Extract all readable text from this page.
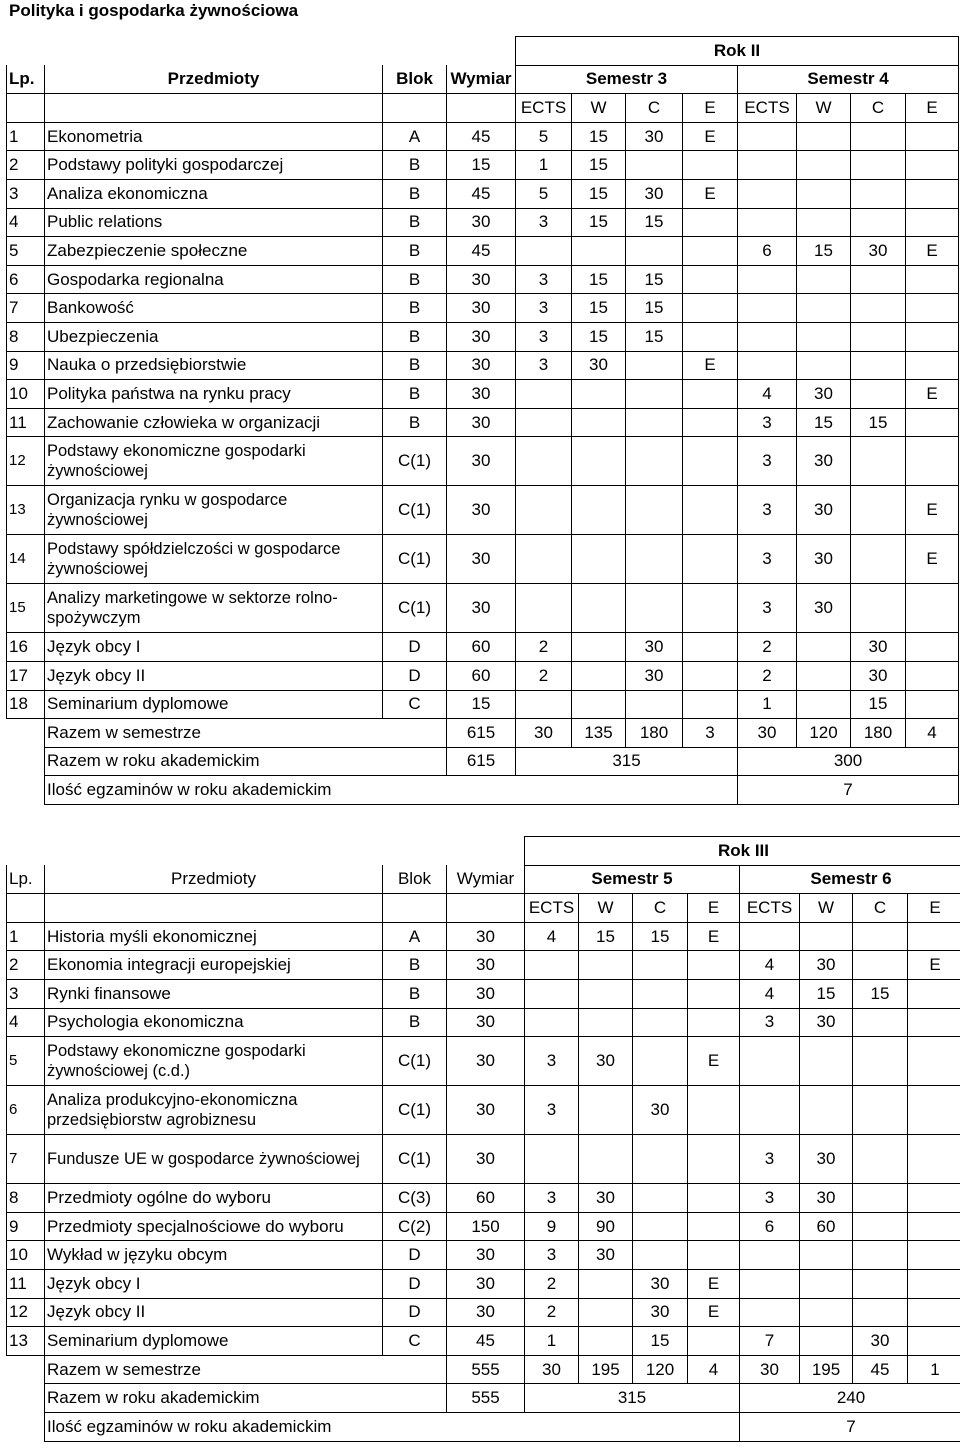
Polityka i gospodarka żywnościowa
				Rok II							
Lp.	Przedmioty	Blok	Wymiar	Semestr 3				Semestr 4			
				ECTS	W	C	E	ECTS	W	C	E
1	Ekonometria	A	45	5	15	30	E				
2	Podstawy polityki gospodarczej	B	15	1	15						
3	Analiza ekonomiczna	B	45	5	15	30	E				
4	Public relations	B	30	3	15	15					
5	Zabezpieczenie społeczne	B	45					6	15	30	E
6	Gospodarka regionalna	B	30	3	15	15					
7	Bankowość	B	30	3	15	15					
8	Ubezpieczenia	B	30	3	15	15					
9	Nauka o przedsiębiorstwie	B	30	3	30		E				
10	Polityka państwa na rynku pracy	B	30					4	30		E
11	Zachowanie człowieka w organizacji	B	30					3	15	15	
12	Podstawy ekonomiczne gospodarki żywnościowej	C(1)	30					3	30		
13	Organizacja rynku w gospodarce żywnościowej	C(1)	30					3	30		E
14	Podstawy spółdzielczości w gospodarce żywnościowej	C(1)	30					3	30		E
15	Analizy marketingowe w sektorze rolno-spożywczym	C(1)	30					3	30		
16	Język obcy I	D	60	2		30		2		30	
17	Język obcy II	D	60	2		30		2		30	
18	Seminarium dyplomowe	C	15					1		15	
	Razem w semestrze		615	30	135	180	3	30	120	180	4
	Razem w roku akademickim		615	315				300			
	Ilość egzaminów w roku akademickim							7			
				Rok III							
Lp.	Przedmioty	Blok	Wymiar	Semestr 5				Semestr 6			
				ECTS	W	C	E	ECTS	W	C	E
1	Historia myśli ekonomicznej	A	30	4	15	15	E				
2	Ekonomia integracji europejskiej	B	30					4	30		E
3	Rynki finansowe	B	30					4	15	15	
4	Psychologia ekonomiczna	B	30					3	30		
5	Podstawy ekonomiczne gospodarki żywnościowej (c.d.)	C(1)	30	3	30		E				
6	Analiza produkcyjno-ekonomiczna przedsiębiorstw agrobiznesu	C(1)	30	3		30					
7	Fundusze UE w gospodarce żywnościowej	C(1)	30					3	30		
8	Przedmioty ogólne do wyboru	C(3)	60	3	30			3	30		
9	Przedmioty specjalnościowe do wyboru	C(2)	150	9	90			6	60		
10	Wykład w języku obcym	D	30	3	30						
11	Język obcy I	D	30	2		30	E				
12	Język obcy II	D	30	2		30	E				
13	Seminarium dyplomowe	C	45	1		15		7		30	
	Razem w semestrze		555	30	195	120	4	30	195	45	1
	Razem w roku akademickim		555	315				240			
	Ilość egzaminów w roku akademickim							7			
